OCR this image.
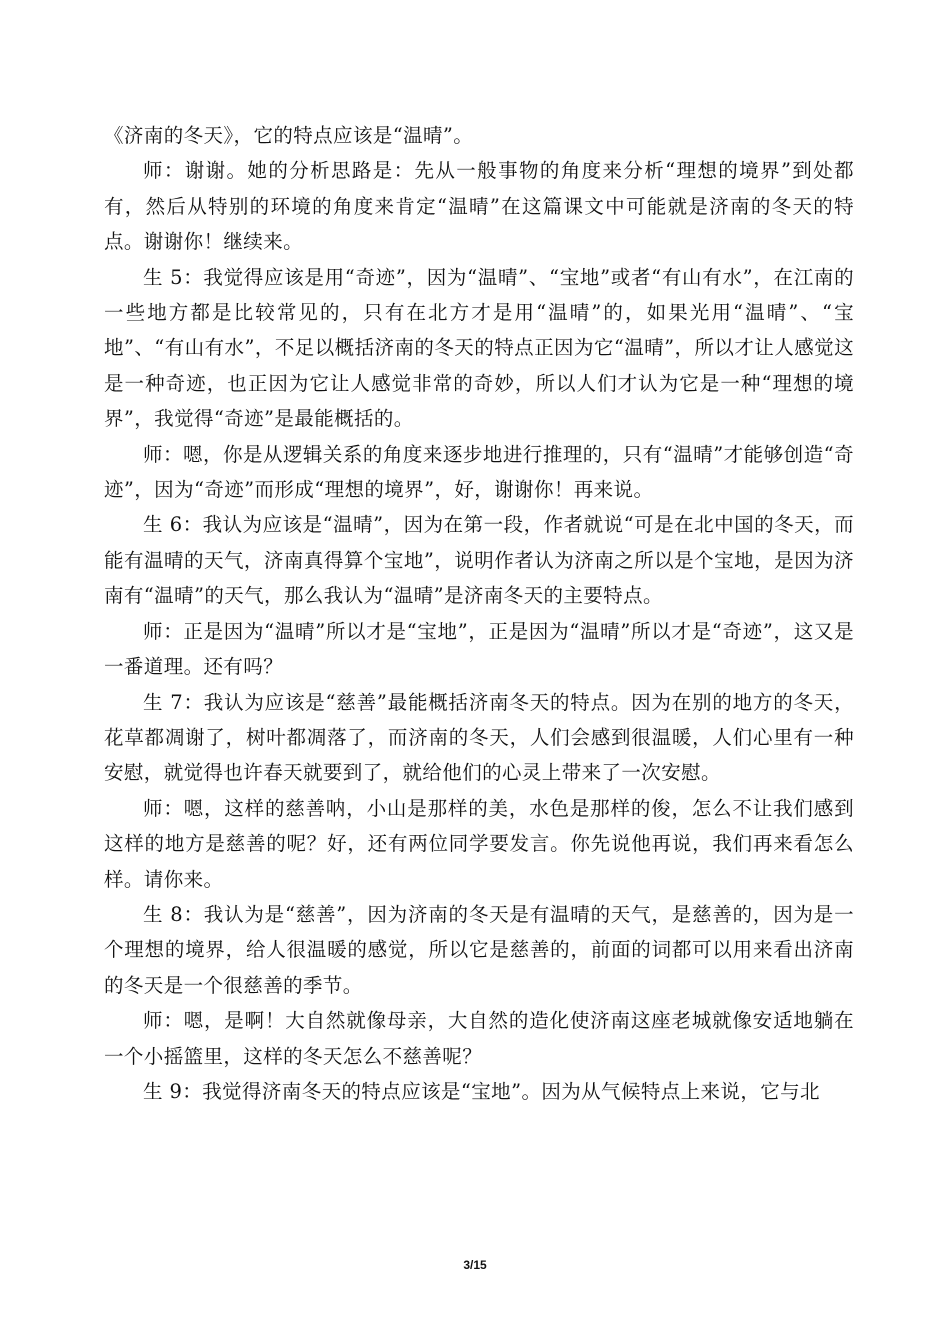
《济南的冬天》，它的特点应该是“温晴”。

师：谢谢。她的分析思路是：先从一般事物的角度来分析“理想的境界”到处都有，然后从特别的环境的角度来肯定“温晴”在这篇课文中可能就是济南的冬天的特点。谢谢你！继续来。

生 5：我觉得应该是用“奇迹”，因为“温晴”、“宝地”或者“有山有水”，在江南的一些地方都是比较常见的，只有在北方才是用“温晴”的，如果光用“温晴”、“宝地”、“有山有水”，不足以概括济南的冬天的特点正因为它“温晴”，所以才让人感觉这是一种奇迹，也正因为它让人感觉非常的奇妙，所以人们才认为它是一种“理想的境界”，我觉得“奇迹”是最能概括的。

师：嗯，你是从逻辑关系的角度来逐步地进行推理的，只有“温晴”才能够创造“奇迹”，因为“奇迹”而形成“理想的境界”，好，谢谢你！再来说。

生 6：我认为应该是“温晴”，因为在第一段，作者就说“可是在北中国的冬天，而能有温晴的天气，济南真得算个宝地”，说明作者认为济南之所以是个宝地，是因为济南有“温晴”的天气，那么我认为“温晴”是济南冬天的主要特点。

师：正是因为“温晴”所以才是“宝地”，正是因为“温晴”所以才是“奇迹”，这又是一番道理。还有吗？

生 7：我认为应该是“慈善”最能概括济南冬天的特点。因为在别的地方的冬天，花草都凋谢了，树叶都凋落了，而济南的冬天，人们会感到很温暖，人们心里有一种安慰，就觉得也许春天就要到了，就给他们的心灵上带来了一次安慰。

师：嗯，这样的慈善呐，小山是那样的美，水色是那样的俊，怎么不让我们感到这样的地方是慈善的呢？好，还有两位同学要发言。你先说他再说，我们再来看怎么样。请你来。

生 8：我认为是“慈善”，因为济南的冬天是有温晴的天气，是慈善的，因为是一个理想的境界，给人很温暖的感觉，所以它是慈善的，前面的词都可以用来看出济南的冬天是一个很慈善的季节。

师：嗯，是啊！大自然就像母亲，大自然的造化使济南这座老城就像安适地躺在一个小摇篮里，这样的冬天怎么不慈善呢？

生 9：我觉得济南冬天的特点应该是“宝地”。因为从气候特点上来说，它与北

3/15
